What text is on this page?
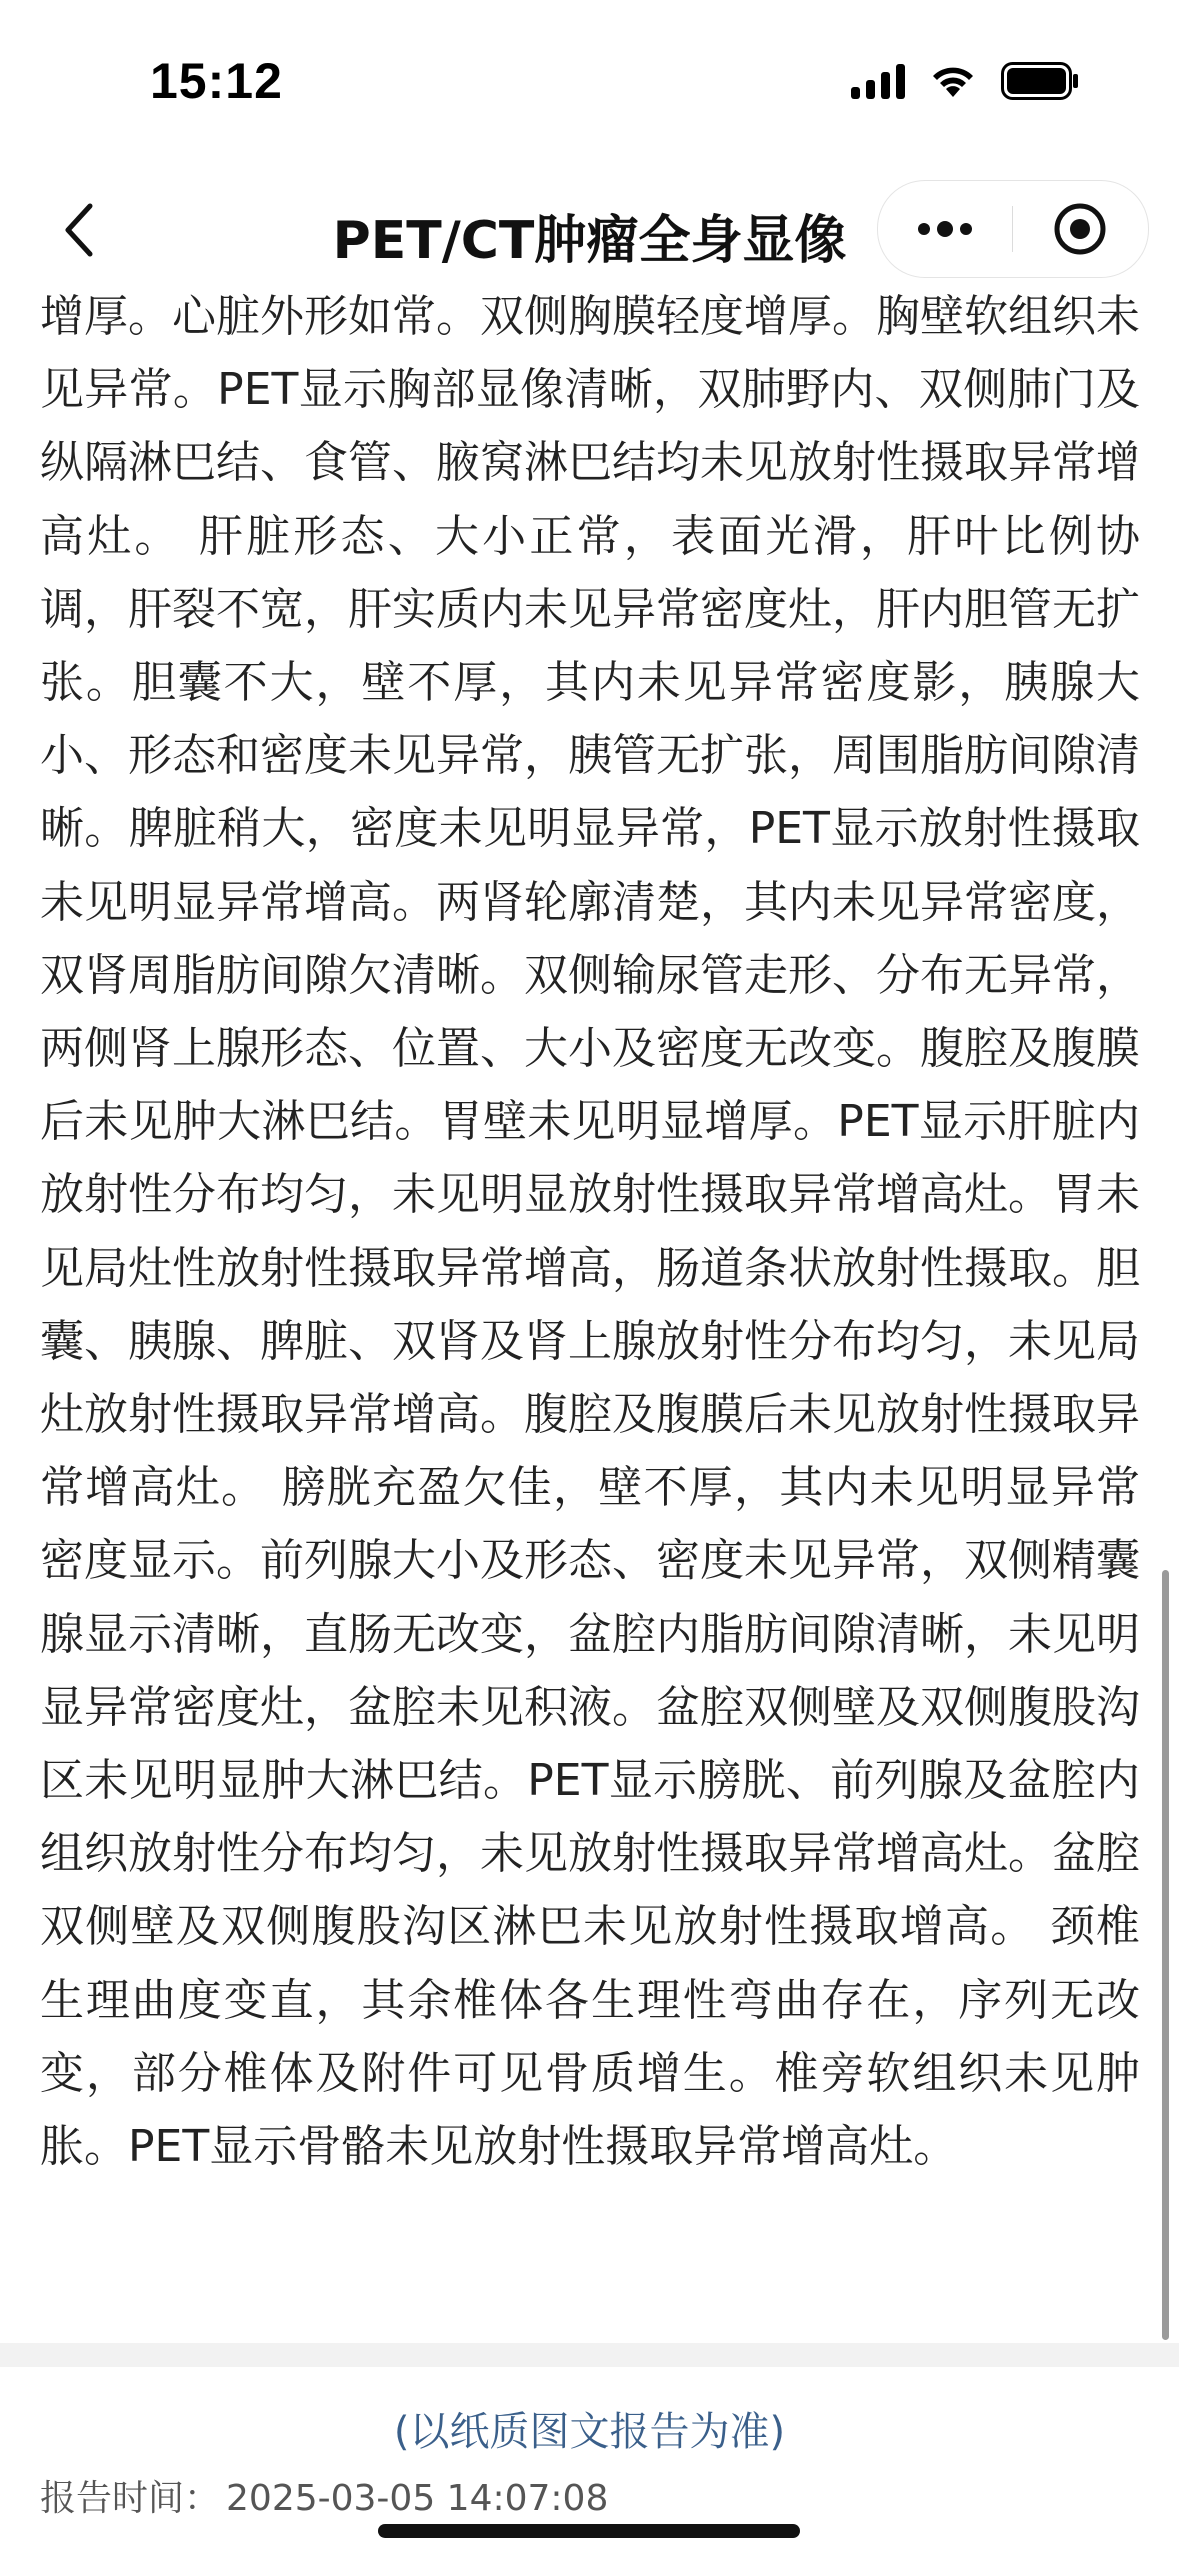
15:12
PET/CT肿瘤全身显像

增厚。心脏外形如常。双侧胸膜轻度增厚。胸壁软组织未见异常。PET显示胸部显像清晰，双肺野内、双侧肺门及纵隔淋巴结、食管、腋窝淋巴结均未见放射性摄取异常增高灶。 肝脏形态、大小正常，表面光滑，肝叶比例协调，肝裂不宽，肝实质内未见异常密度灶，肝内胆管无扩张。胆囊不大，壁不厚，其内未见异常密度影，胰腺大小、形态和密度未见异常，胰管无扩张，周围脂肪间隙清晰。脾脏稍大，密度未见明显异常，PET显示放射性摄取未见明显异常增高。两肾轮廓清楚，其内未见异常密度，双肾周脂肪间隙欠清晰。双侧输尿管走形、分布无异常，两侧肾上腺形态、位置、大小及密度无改变。腹腔及腹膜后未见肿大淋巴结。胃壁未见明显增厚。PET显示肝脏内放射性分布均匀，未见明显放射性摄取异常增高灶。胃未见局灶性放射性摄取异常增高，肠道条状放射性摄取。胆囊、胰腺、脾脏、双肾及肾上腺放射性分布均匀，未见局灶放射性摄取异常增高。腹腔及腹膜后未见放射性摄取异常增高灶。 膀胱充盈欠佳，壁不厚，其内未见明显异常密度显示。前列腺大小及形态、密度未见异常，双侧精囊腺显示清晰，直肠无改变，盆腔内脂肪间隙清晰，未见明显异常密度灶，盆腔未见积液。盆腔双侧壁及双侧腹股沟区未见明显肿大淋巴结。PET显示膀胱、前列腺及盆腔内组织放射性分布均匀，未见放射性摄取异常增高灶。盆腔双侧壁及双侧腹股沟区淋巴未见放射性摄取增高。 颈椎生理曲度变直，其余椎体各生理性弯曲存在，序列无改变，部分椎体及附件可见骨质增生。椎旁软组织未见肿胀。PET显示骨骼未见放射性摄取异常增高灶。

(以纸质图文报告为准)
报告时间： 2025-03-05 14:07:08
